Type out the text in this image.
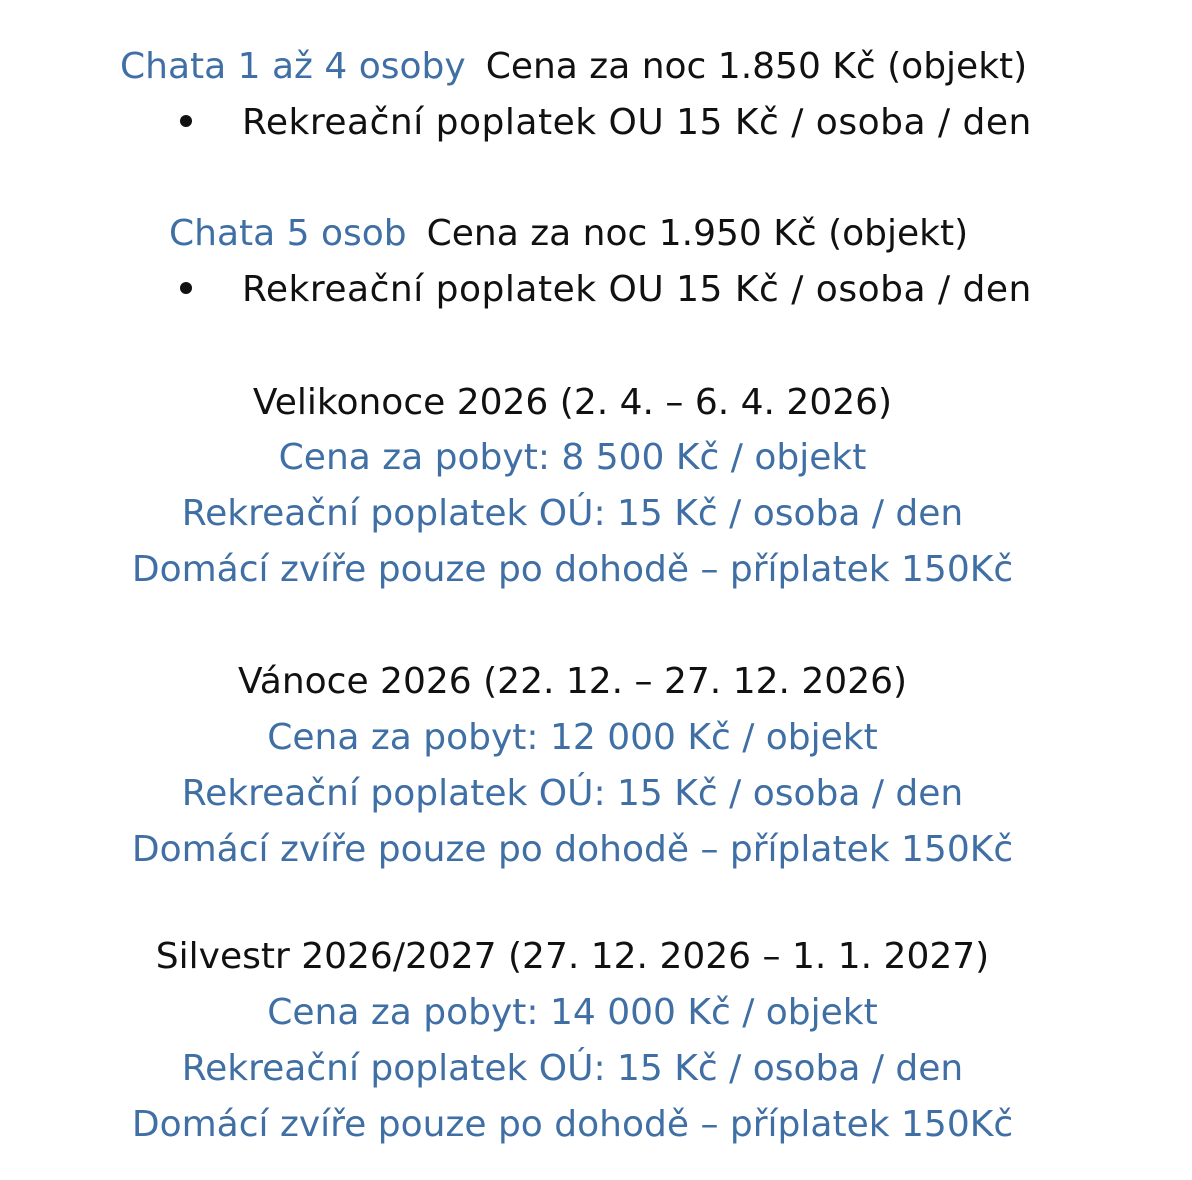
Chata 1 až 4 osoby Cena za noc 1.850 Kč (objekt)
Rekreační poplatek OU 15 Kč / osoba / den
Chata 5 osob Cena za noc 1.950 Kč (objekt)
Rekreační poplatek OU 15 Kč / osoba / den
Velikonoce 2026 (2. 4. – 6. 4. 2026)
Cena za pobyt: 8 500 Kč / objekt
Rekreační poplatek OÚ: 15 Kč / osoba / den
Domácí zvíře pouze po dohodě – příplatek 150Kč
Vánoce 2026 (22. 12. – 27. 12. 2026)
Cena za pobyt: 12 000 Kč / objekt
Rekreační poplatek OÚ: 15 Kč / osoba / den
Domácí zvíře pouze po dohodě – příplatek 150Kč
Silvestr 2026/2027 (27. 12. 2026 – 1. 1. 2027)
Cena za pobyt: 14 000 Kč / objekt
Rekreační poplatek OÚ: 15 Kč / osoba / den
Domácí zvíře pouze po dohodě – příplatek 150Kč
